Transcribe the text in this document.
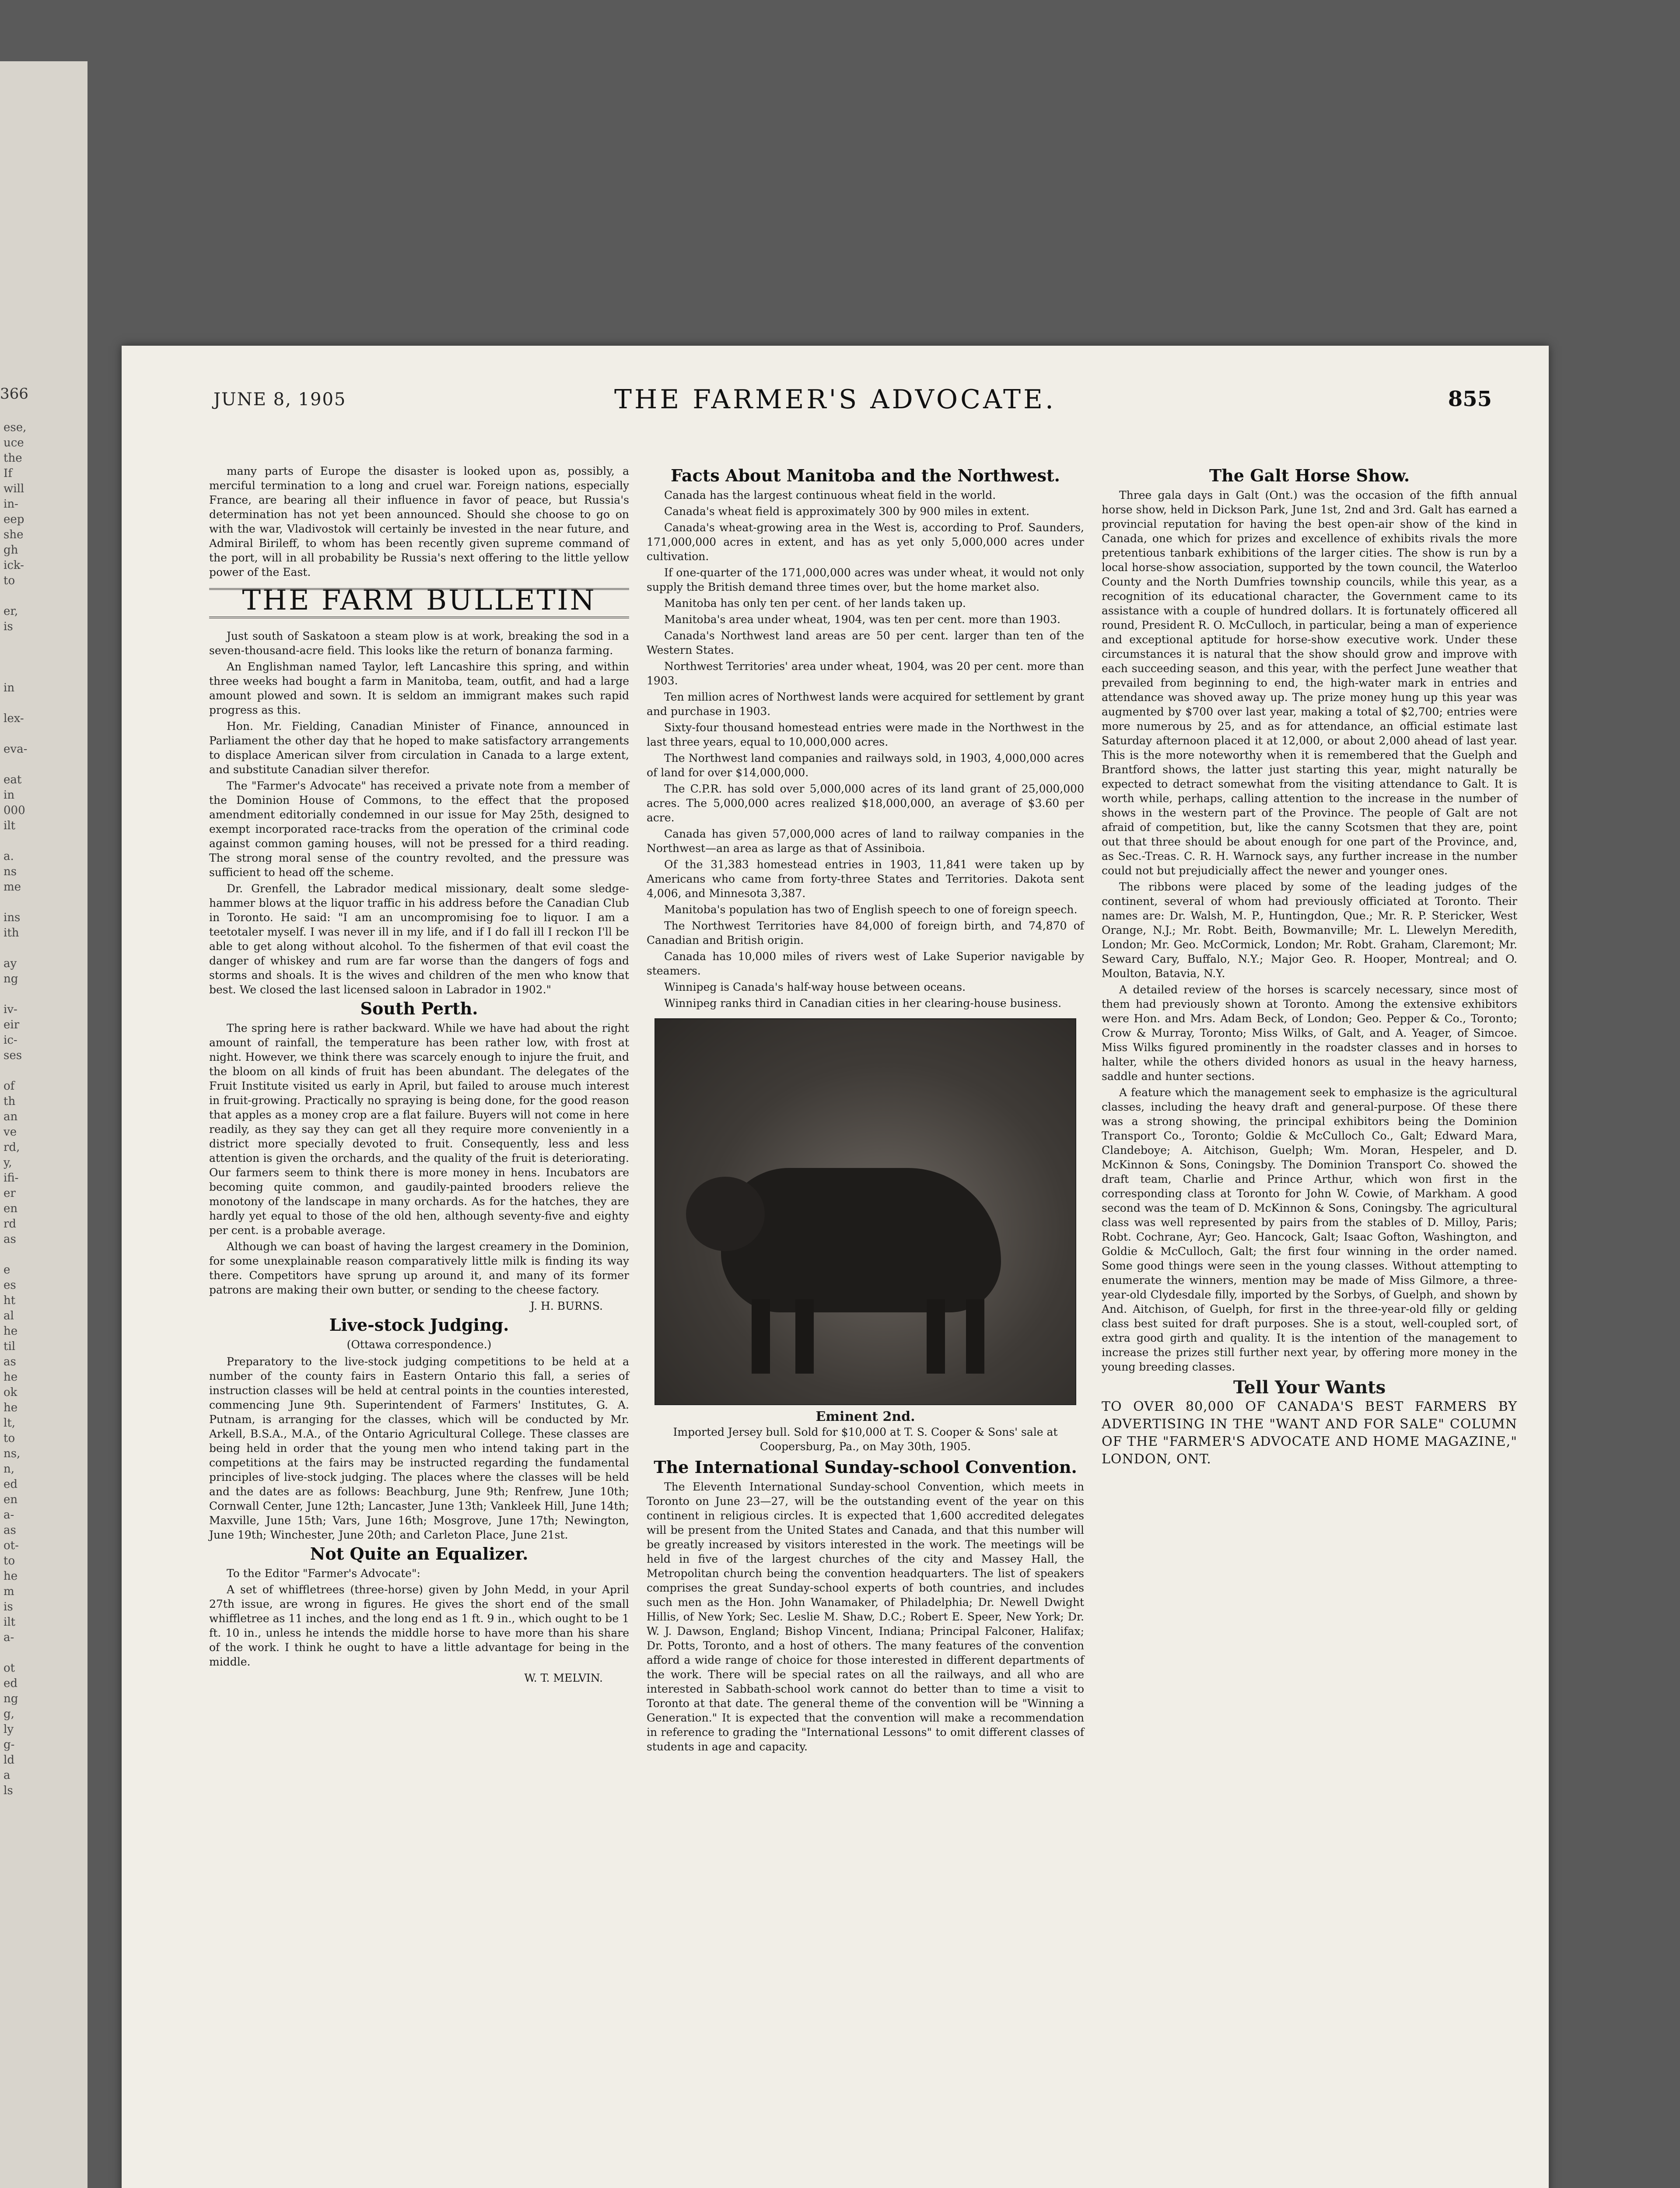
366
ese,
uce
the
If
will
in-
eep
she
gh
ick-
to

er,
is

in

lex-

eva-

eat
in
000
ilt

a.
ns
me

ins
ith

ay
ng

iv-
eir
ic-
ses

of
th
an
ve
rd,
y,
ifi-
er
en
rd
as

e
es
ht
al
he
til
as
he
ok
he
lt,
to
ns,
n,
ed
en
a-
as
ot-
to
he
m
is
ilt
a-

ot
ed
ng
g,
ly
g-
ld
a
ls
JUNE 8, 1905	THE FARMER'S ADVOCATE.	855

many parts of Europe the disaster is looked upon as, possibly, a merciful termination to a long and cruel war. Foreign nations, especially France, are bearing all their influence in favor of peace, but Russia's determination has not yet been announced. Should she choose to go on with the war, Vladivostok will certainly be invested in the near future, and Admiral Birileff, to whom has been recently given supreme command of the port, will in all probability be Russia's next offering to the little yellow power of the East.

THE FARM BULLETIN

Just south of Saskatoon a steam plow is at work, breaking the sod in a seven-thousand-acre field. This looks like the return of bonanza farming.

An Englishman named Taylor, left Lancashire this spring, and within three weeks had bought a farm in Manitoba, team, outfit, and had a large amount plowed and sown. It is seldom an immigrant makes such rapid progress as this.

Hon. Mr. Fielding, Canadian Minister of Finance, announced in Parliament the other day that he hoped to make satisfactory arrangements to displace American silver from circulation in Canada to a large extent, and substitute Canadian silver therefor.

The "Farmer's Advocate" has received a private note from a member of the Dominion House of Commons, to the effect that the proposed amendment editorially condemned in our issue for May 25th, designed to exempt incorporated race-tracks from the operation of the criminal code against common gaming houses, will not be pressed for a third reading. The strong moral sense of the country revolted, and the pressure was sufficient to head off the scheme.

Dr. Grenfell, the Labrador medical missionary, dealt some sledge-hammer blows at the liquor traffic in his address before the Canadian Club in Toronto. He said: "I am an uncompromising foe to liquor. I am a teetotaler myself. I was never ill in my life, and if I do fall ill I reckon I'll be able to get along without alcohol. To the fishermen of that evil coast the danger of whiskey and rum are far worse than the dangers of fogs and storms and shoals. It is the wives and children of the men who know that best. We closed the last licensed saloon in Labrador in 1902."

South Perth.

The spring here is rather backward. While we have had about the right amount of rainfall, the temperature has been rather low, with frost at night. However, we think there was scarcely enough to injure the fruit, and the bloom on all kinds of fruit has been abundant. The delegates of the Fruit Institute visited us early in April, but failed to arouse much interest in fruit-growing. Practically no spraying is being done, for the good reason that apples as a money crop are a flat failure. Buyers will not come in here readily, as they say they can get all they require more conveniently in a district more specially devoted to fruit. Consequently, less and less attention is given the orchards, and the quality of the fruit is deteriorating. Our farmers seem to think there is more money in hens. Incubators are becoming quite common, and gaudily-painted brooders relieve the monotony of the landscape in many orchards. As for the hatches, they are hardly yet equal to those of the old hen, although seventy-five and eighty per cent. is a probable average.

Although we can boast of having the largest creamery in the Dominion, for some unexplainable reason comparatively little milk is finding its way there. Competitors have sprung up around it, and many of its former patrons are making their own butter, or sending to the cheese factory.

J. H. BURNS.
Live-stock Judging.
(Ottawa correspondence.)

Preparatory to the live-stock judging competitions to be held at a number of the county fairs in Eastern Ontario this fall, a series of instruction classes will be held at central points in the counties interested, commencing June 9th. Superintendent of Farmers' Institutes, G. A. Putnam, is arranging for the classes, which will be conducted by Mr. Arkell, B.S.A., M.A., of the Ontario Agricultural College. These classes are being held in order that the young men who intend taking part in the competitions at the fairs may be instructed regarding the fundamental principles of live-stock judging. The places where the classes will be held and the dates are as follows: Beachburg, June 9th; Renfrew, June 10th; Cornwall Center, June 12th; Lancaster, June 13th; Vankleek Hill, June 14th; Maxville, June 15th; Vars, June 16th; Mosgrove, June 17th; Newington, June 19th; Winchester, June 20th; and Carleton Place, June 21st.

Not Quite an Equalizer.

To the Editor "Farmer's Advocate":

A set of whiffletrees (three-horse) given by John Medd, in your April 27th issue, are wrong in figures. He gives the short end of the small whiffletree as 11 inches, and the long end as 1 ft. 9 in., which ought to be 1 ft. 10 in., unless he intends the middle horse to have more than his share of the work. I think he ought to have a little advantage for being in the middle.

W. T. MELVIN.
Facts About Manitoba and the Northwest.

Canada has the largest continuous wheat field in the world.

Canada's wheat field is approximately 300 by 900 miles in extent.

Canada's wheat-growing area in the West is, according to Prof. Saunders, 171,000,000 acres in extent, and has as yet only 5,000,000 acres under cultivation.

If one-quarter of the 171,000,000 acres was under wheat, it would not only supply the British demand three times over, but the home market also.

Manitoba has only ten per cent. of her lands taken up.

Manitoba's area under wheat, 1904, was ten per cent. more than 1903.

Canada's Northwest land areas are 50 per cent. larger than ten of the Western States.

Northwest Territories' area under wheat, 1904, was 20 per cent. more than 1903.

Ten million acres of Northwest lands were acquired for settlement by grant and purchase in 1903.

Sixty-four thousand homestead entries were made in the Northwest in the last three years, equal to 10,000,000 acres.

The Northwest land companies and railways sold, in 1903, 4,000,000 acres of land for over $14,000,000.

The C.P.R. has sold over 5,000,000 acres of its land grant of 25,000,000 acres. The 5,000,000 acres realized $18,000,000, an average of $3.60 per acre.

Canada has given 57,000,000 acres of land to railway companies in the Northwest—an area as large as that of Assiniboia.

Of the 31,383 homestead entries in 1903, 11,841 were taken up by Americans who came from forty-three States and Territories. Dakota sent 4,006, and Minnesota 3,387.

Manitoba's population has two of English speech to one of foreign speech.

The Northwest Territories have 84,000 of foreign birth, and 74,870 of Canadian and British origin.

Canada has 10,000 miles of rivers west of Lake Superior navigable by steamers.

Winnipeg is Canada's half-way house between oceans.

Winnipeg ranks third in Canadian cities in her clearing-house business.

Eminent 2nd.
Imported Jersey bull. Sold for $10,000 at T. S. Cooper & Sons' sale at Coopersburg, Pa., on May 30th, 1905.
The International Sunday-school Convention.

The Eleventh International Sunday-school Convention, which meets in Toronto on June 23—27, will be the outstanding event of the year on this continent in religious circles. It is expected that 1,600 accredited delegates will be present from the United States and Canada, and that this number will be greatly increased by visitors interested in the work. The meetings will be held in five of the largest churches of the city and Massey Hall, the Metropolitan church being the convention headquarters. The list of speakers comprises the great Sunday-school experts of both countries, and includes such men as the Hon. John Wanamaker, of Philadelphia; Dr. Newell Dwight Hillis, of New York; Sec. Leslie M. Shaw, D.C.; Robert E. Speer, New York; Dr. W. J. Dawson, England; Bishop Vincent, Indiana; Principal Falconer, Halifax; Dr. Potts, Toronto, and a host of others. The many features of the convention afford a wide range of choice for those interested in different departments of the work. There will be special rates on all the railways, and all who are interested in Sabbath-school work cannot do better than to time a visit to Toronto at that date. The general theme of the convention will be "Winning a Generation." It is expected that the convention will make a recommendation in reference to grading the "International Lessons" to omit different classes of students in age and capacity.

The Galt Horse Show.

Three gala days in Galt (Ont.) was the occasion of the fifth annual horse show, held in Dickson Park, June 1st, 2nd and 3rd. Galt has earned a provincial reputation for having the best open-air show of the kind in Canada, one which for prizes and excellence of exhibits rivals the more pretentious tanbark exhibitions of the larger cities. The show is run by a local horse-show association, supported by the town council, the Waterloo County and the North Dumfries township councils, while this year, as a recognition of its educational character, the Government came to its assistance with a couple of hundred dollars. It is fortunately officered all round, President R. O. McCulloch, in particular, being a man of experience and exceptional aptitude for horse-show executive work. Under these circumstances it is natural that the show should grow and improve with each succeeding season, and this year, with the perfect June weather that prevailed from beginning to end, the high-water mark in entries and attendance was shoved away up. The prize money hung up this year was augmented by $700 over last year, making a total of $2,700; entries were more numerous by 25, and as for attendance, an official estimate last Saturday afternoon placed it at 12,000, or about 2,000 ahead of last year. This is the more noteworthy when it is remembered that the Guelph and Brantford shows, the latter just starting this year, might naturally be expected to detract somewhat from the visiting attendance to Galt. It is worth while, perhaps, calling attention to the increase in the number of shows in the western part of the Province. The people of Galt are not afraid of competition, but, like the canny Scotsmen that they are, point out that three should be about enough for one part of the Province, and, as Sec.-Treas. C. R. H. Warnock says, any further increase in the number could not but prejudicially affect the newer and younger ones.

The ribbons were placed by some of the leading judges of the continent, several of whom had previously officiated at Toronto. Their names are: Dr. Walsh, M. P., Huntingdon, Que.; Mr. R. P. Stericker, West Orange, N.J.; Mr. Robt. Beith, Bowmanville; Mr. L. Llewelyn Meredith, London; Mr. Geo. McCormick, London; Mr. Robt. Graham, Claremont; Mr. Seward Cary, Buffalo, N.Y.; Major Geo. R. Hooper, Montreal; and O. Moulton, Batavia, N.Y.

A detailed review of the horses is scarcely necessary, since most of them had previously shown at Toronto. Among the extensive exhibitors were Hon. and Mrs. Adam Beck, of London; Geo. Pepper & Co., Toronto; Crow & Murray, Toronto; Miss Wilks, of Galt, and A. Yeager, of Simcoe. Miss Wilks figured prominently in the roadster classes and in horses to halter, while the others divided honors as usual in the heavy harness, saddle and hunter sections.

A feature which the management seek to emphasize is the agricultural classes, including the heavy draft and general-purpose. Of these there was a strong showing, the principal exhibitors being the Dominion Transport Co., Toronto; Goldie & McCulloch Co., Galt; Edward Mara, Clandeboye; A. Aitchison, Guelph; Wm. Moran, Hespeler, and D. McKinnon & Sons, Coningsby. The Dominion Transport Co. showed the draft team, Charlie and Prince Arthur, which won first in the corresponding class at Toronto for John W. Cowie, of Markham. A good second was the team of D. McKinnon & Sons, Coningsby. The agricultural class was well represented by pairs from the stables of D. Milloy, Paris; Robt. Cochrane, Ayr; Geo. Hancock, Galt; Isaac Gofton, Washington, and Goldie & McCulloch, Galt; the first four winning in the order named. Some good things were seen in the young classes. Without attempting to enumerate the winners, mention may be made of Miss Gilmore, a three-year-old Clydesdale filly, imported by the Sorbys, of Guelph, and shown by And. Aitchison, of Guelph, for first in the three-year-old filly or gelding class best suited for draft purposes. She is a stout, well-coupled sort, of extra good girth and quality. It is the intention of the management to increase the prizes still further next year, by offering more money in the young breeding classes.

Tell Your Wants
TO OVER 80,000 OF CANADA'S BEST FARMERS BY ADVERTISING IN THE "WANT AND FOR SALE" COLUMN OF THE "FARMER'S ADVOCATE AND HOME MAGAZINE," LONDON, ONT.
